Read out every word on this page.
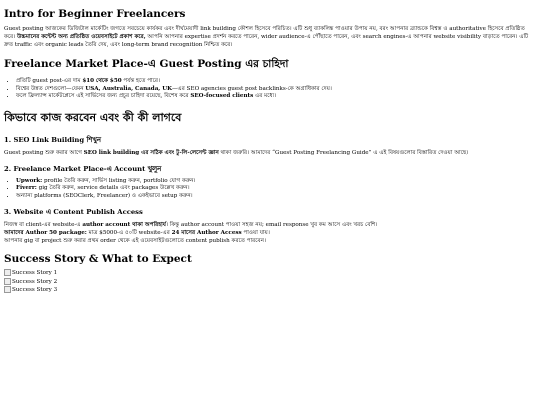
Intro for Beginner Freelancers

Guest posting আজকের ডিজিটাল মার্কেটিং জগতে সবচেয়ে কার্যকর এবং দীর্ঘমেয়াদী link building কৌশল হিসেবে পরিচিত। এটি শুধু ব্যাকলিঙ্ক পাওয়ার উপায় নয়, বরং আপনার ব্র্যান্ডকে বিশ্বস্ত ও authoritative হিসেবে প্রতিষ্ঠিত করে। উচ্চমানের কন্টেন্ট অন্য প্রতিষ্ঠিত ওয়েবসাইটে প্রকাশ করে, আপনি আপনার expertise প্রদর্শন করতে পারেন, wider audience-এ পৌঁছাতে পারেন, এবং search engines-এ আপনার website visibility বাড়াতে পারেন। এটি দ্রুত traffic এবং organic leads তৈরি দেয়, এবং long-term brand recognition নিশ্চিত করে।

Freelance Market Place-এ Guest Posting এর চাহিদা
• প্রতিটি guest post-এর দাম $10 থেকে $50 পর্যন্ত হতে পারে।
• বিশ্বের উন্নত দেশগুলো—যেমন USA, Australia, Canada, UK—এর SEO agencies guest post backlinks-কে অগ্রাধিকার দেয়।
• ফলে ফ্রিল্যান্স মার্কেটপ্লেসে এই সার্ভিসের জন্য প্রচুর চাহিদা রয়েছে, বিশেষ করে SEO-focused clients এর মধ্যে।
কিভাবে কাজ করবেন এবং কী কী লাগবে
1. SEO Link Building শিখুন

Guest posting শুরু করার আগে SEO link building এর সঠিক এবং টু-লি-লেসেন্ট জ্ঞান থাকা জরুরি। আমাদের “Guest Posting Freelancing Guide” এ এই বিষয়গুলোর বিস্তারিত দেওয়া আছে।

2. Freelance Market Place-এ Account খুলুন
• Upwork: profile তৈরি করুন, সার্ভিস listing করুন, portfolio যোগ করুন।
• Fiverr: gig তৈরি করুন, service details এবং packages উল্লেখ করুন।
• অন্যান্য platforms (SEOClerk, Freelancer) ও একইভাবে setup করুন।
3. Website এ Content Publish Access

নিজস্ব বা client-এর website-এ author account থাকা অপরিহার্য। কিন্তু author account পাওয়া সহজ নয়; email response খুব কম আসে এবং খরচ বেশি।
আমাদের Author 50 package: মাত্র $5000-এ ৫০টি website-এর 24 মাসের Author Access পাওয়া যায়।
আপনার gig বা project শুরু করার প্রথম order থেকে এই ওয়েবসাইটগুলোতে content publish করতে পারবেন।

Success Story & What to Expect
Success Story 1
Success Story 2
Success Story 3
